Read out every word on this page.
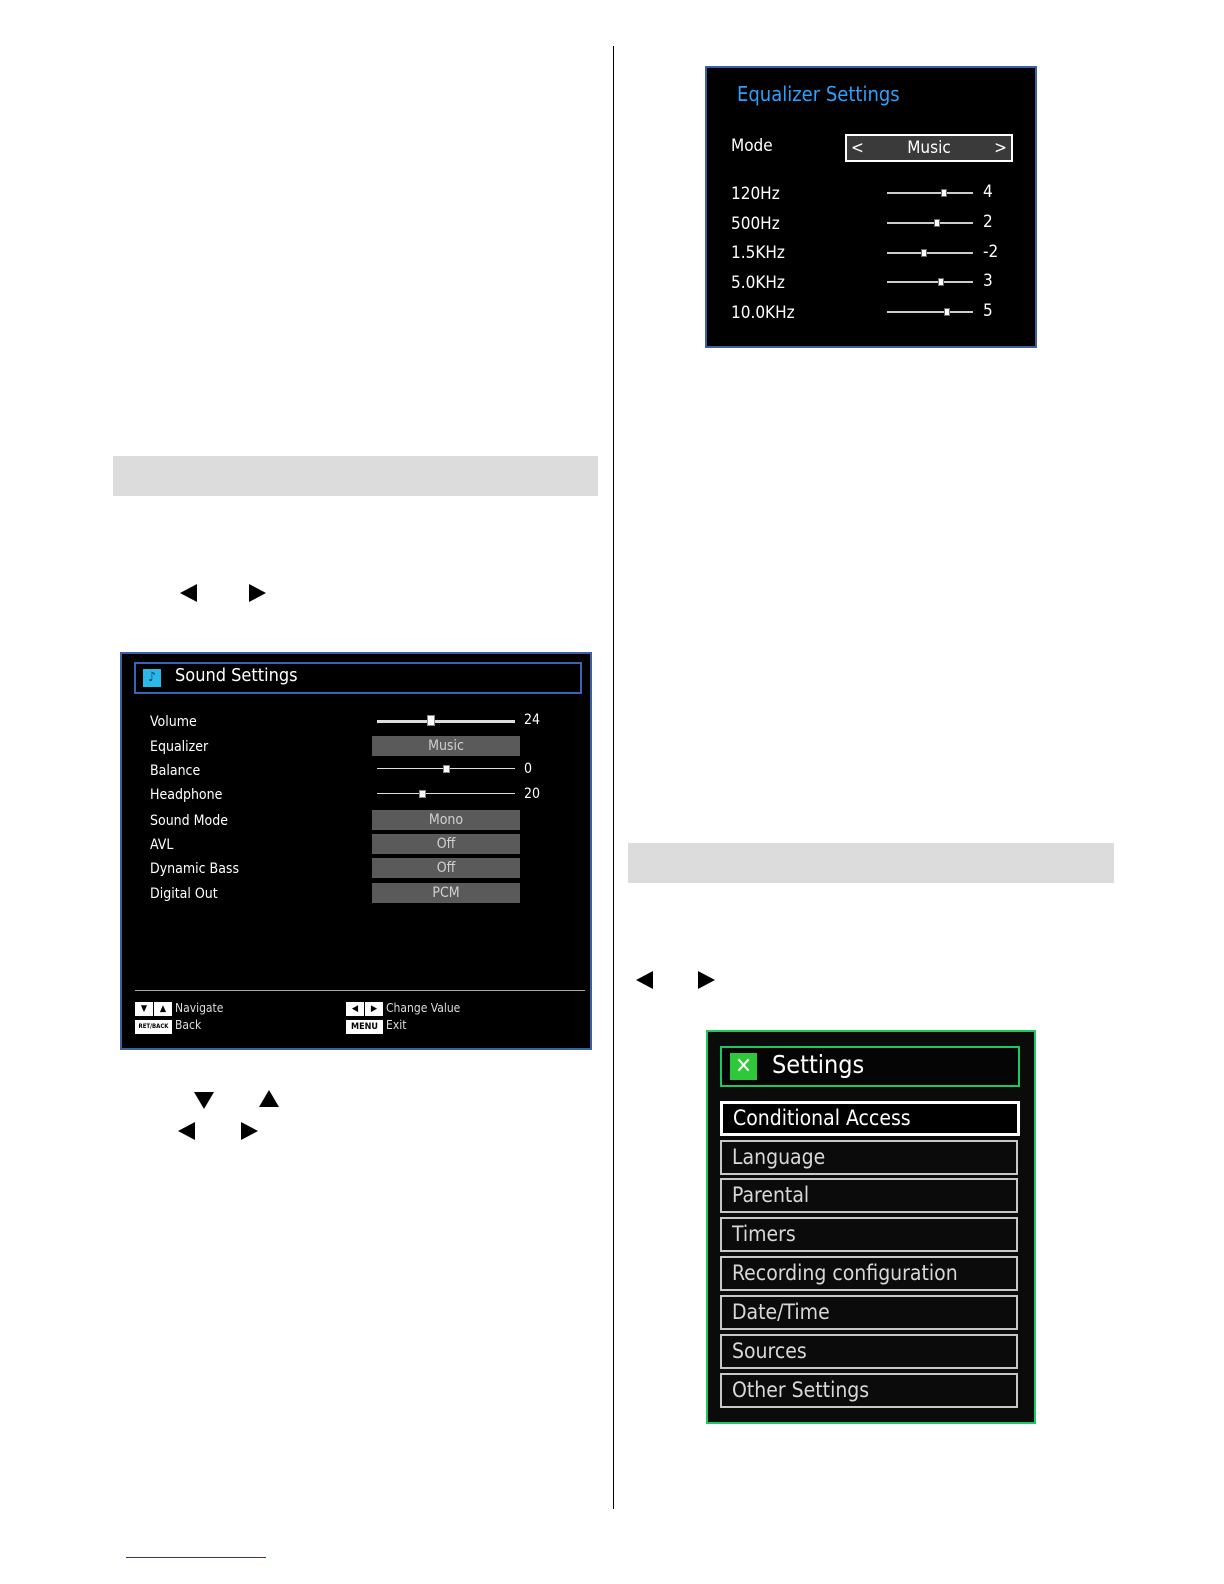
♪ Sound Settings
Volume	24
Equalizer	Music
Balance	0
Headphone	20
Sound Mode	Mono
AVL	Off
Dynamic Bass	Off
Digital Out	PCM
▼	▲ Navigate
RET/BACK Back
◀	▶ Change Value
MENU Exit
Equalizer Settings
Mode	<	Music	>
120Hz	4
500Hz	2
1.5KHz	-2
5.0KHz	3
10.0KHz	5
✕ Settings
Conditional Access
Language
Parental
Timers
Recording configuration
Date/Time
Sources
Other Settings
